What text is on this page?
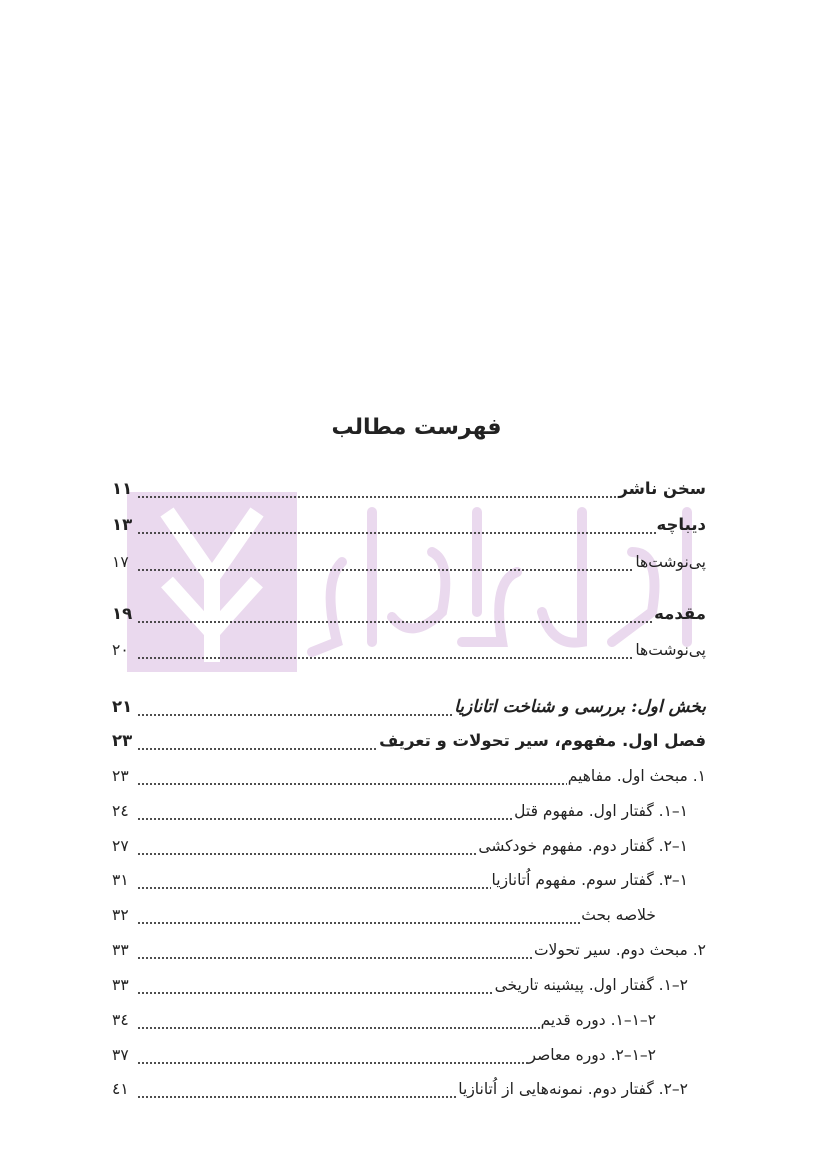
فهرست مطالب
سخن ناشر
۱۱
دیباچه
۱۳
پی‌نوشت‌ها
۱۷
مقدمه
۱۹
پی‌نوشت‌ها
۲۰
بخش اول: بررسی و شناخت اتانازیا
۲۱
فصل اول. مفهوم، سیر تحولات و تعریف
۲۳
۱. مبحث اول. مفاهیم
۲۳
۱–۱. گفتار اول. مفهوم قتل
۲٤
۱–۲. گفتار دوم. مفهوم خودکشی
۲۷
۱–۳. گفتار سوم. مفهوم اُتانازیا
۳۱
خلاصه بحث
۳۲
۲. مبحث دوم. سیر تحولات
۳۳
۲–۱. گفتار اول. پیشینه تاریخی
۳۳
۲–۱–۱. دوره قدیم
۳٤
۲–۱–۲. دوره معاصر
۳۷
۲–۲. گفتار دوم. نمونه‌هایی از اُتانازیا
٤۱
